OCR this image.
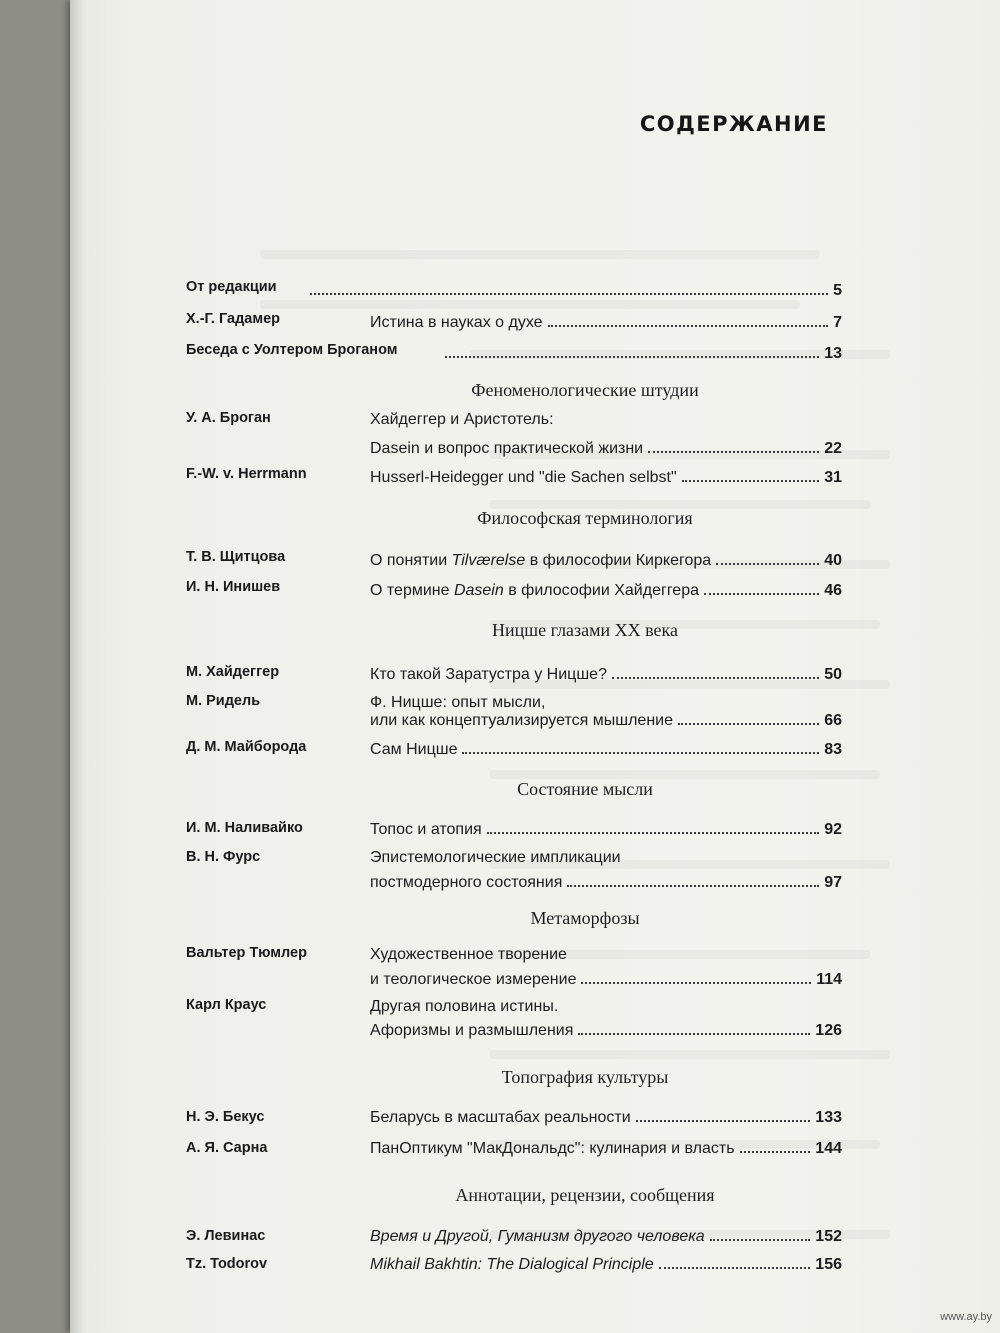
СОДЕРЖАНИЕ
От редакции	5
Х.-Г. Гадамер	Истина в науках о духе	7
Беседа с Уолтером Броганом	13
Феноменологические штудии
У. А. Броган	Хайдеггер и Аристотель:
Dasein и вопрос практической жизни	22
F.-W. v. Herrmann	Husserl-Heidegger und "die Sachen selbst"	31
Философская терминология
Т. В. Щитцова	О понятии Tilværelse в философии Киркегора	40
И. Н. Инишев	О термине Dasein в философии Хайдеггера	46
Ницше глазами XX века
М. Хайдеггер	Кто такой Заратустра у Ницше?	50
М. Ридель	Ф. Ницше: опыт мысли,
или как концептуализируется мышление	66
Д. М. Майборода	Сам Ницше	83
Состояние мысли
И. М. Наливайко	Топос и атопия	92
В. Н. Фурс	Эпистемологические импликации
постмодерного состояния	97
Метаморфозы
Вальтер Тюмлер	Художественное творение
и теологическое измерение	114
Карл Краус	Другая половина истины.
Афоризмы и размышления	126
Топография культуры
Н. Э. Бекус	Беларусь в масштабах реальности	133
А. Я. Сарна	ПанОптикум "МакДональдс": кулинария и власть	144
Аннотации, рецензии, сообщения
Э. Левинас	Время и Другой, Гуманизм другого человека	152
Tz. Todorov	Mikhail Bakhtin: The Dialogical Principle	156
www.ay.by
